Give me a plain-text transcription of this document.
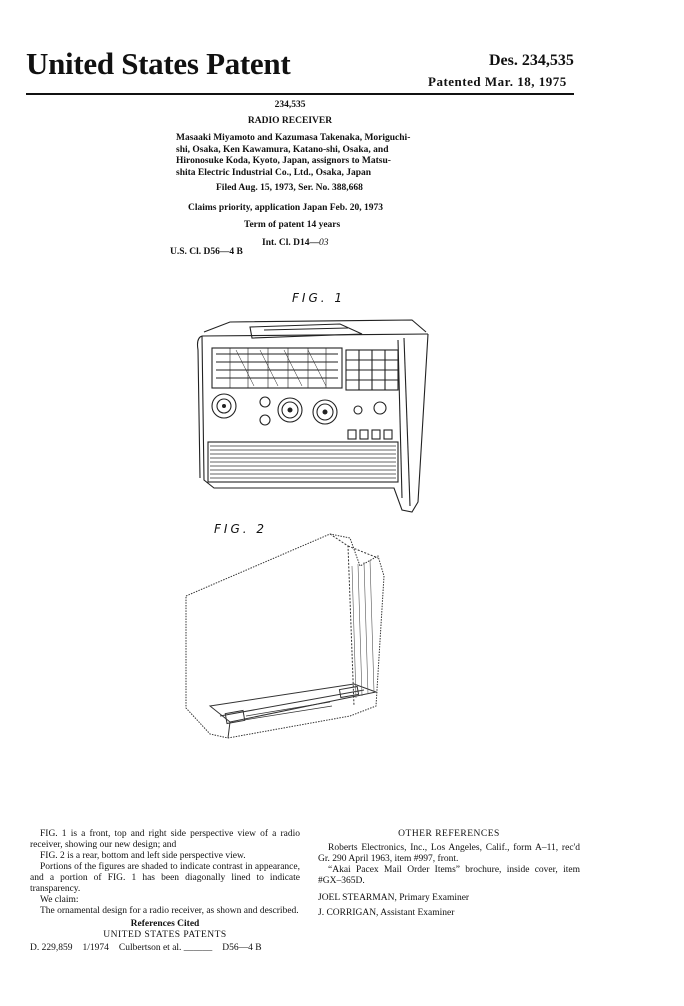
United States Patent	Des. 234,535
Patented Mar. 18, 1975
234,535
RADIO RECEIVER
Masaaki Miyamoto and Kazumasa Takenaka, Moriguchi-
shi, Osaka, Ken Kawamura, Katano-shi, Osaka, and
Hironosuke Koda, Kyoto, Japan, assignors to Matsu-
shita Electric Industrial Co., Ltd., Osaka, Japan
Filed Aug. 15, 1973, Ser. No. 388,668
Claims priority, application Japan Feb. 20, 1973
Term of patent 14 years
Int. Cl. D14—03
U.S. Cl. D56—4 B
FIG. 1
FIG. 2

FIG. 1 is a front, top and right side perspective view of a radio receiver, showing our new design; and

FIG. 2 is a rear, bottom and left side perspective view.

Portions of the figures are shaded to indicate contrast in appearance, and a portion of FIG. 1 has been diagonally lined to indicate transparency.

We claim:

The ornamental design for a radio receiver, as shown and described.

References Cited

UNITED STATES PATENTS

D. 229,859 1/1974 Culbertson et al. ______ D56—4 B

OTHER REFERENCES

Roberts Electronics, Inc., Los Angeles, Calif., form A–11, rec'd Gr. 290 April 1963, item #997, front.

“Akai Pacex Mail Order Items” brochure, inside cover, item #GX–365D.

JOEL STEARMAN, Primary Examiner

J. CORRIGAN, Assistant Examiner
